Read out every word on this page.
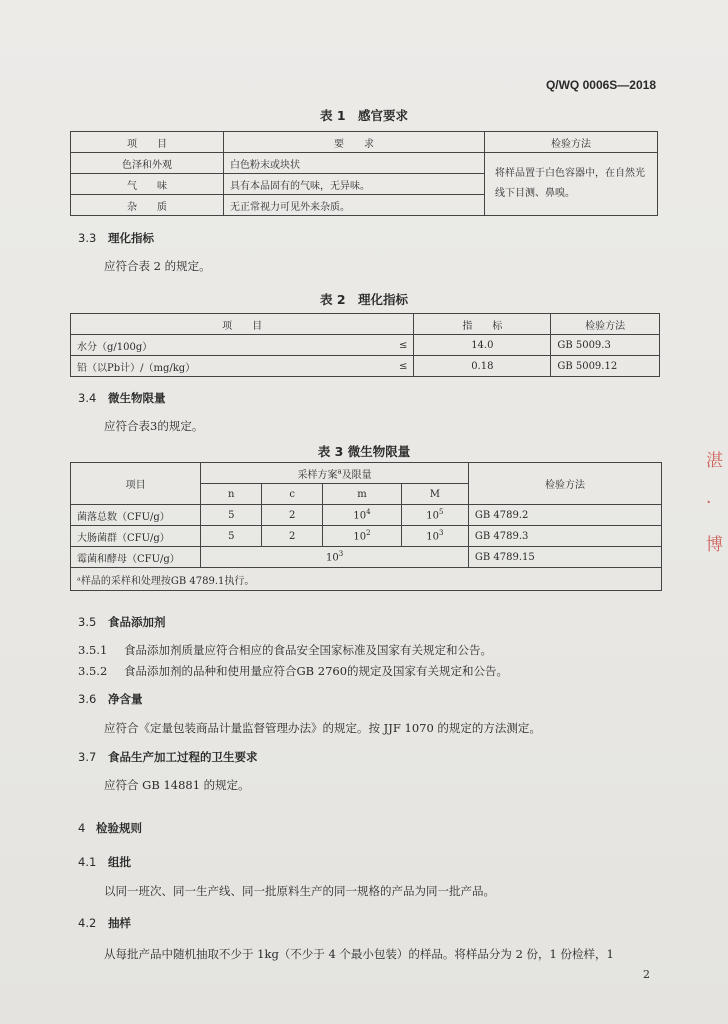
Q/WQ 0006S—2018
表 1　感官要求
项　　目	要　　求	检验方法
色泽和外观	白色粉末或块状	将样品置于白色容器中，在自然光线下目测、鼻嗅。
气　　味	具有本品固有的气味，无异味。	
杂　　质	无正常视力可见外来杂质。	
3.3 理化指标
应符合表 2 的规定。
表 2　理化指标
项　　目		指　　标	检验方法
水分（g/100g）	≤	14.0	GB 5009.3
铅（以Pb计）/（mg/kg）	≤	0.18	GB 5009.12
3.4 微生物限量
应符合表3的规定。
表 3 微生物限量
项目	采样方案$^a$及限量				检验方法
	n	c	m	M	
菌落总数（CFU/g）	5	2	$10^4$	$10^5$	GB 4789.2
大肠菌群（CFU/g）	5	2	$10^2$	$10^3$	GB 4789.3
霉菌和酵母（CFU/g）	$10^3$				GB 4789.15
ᵃ样品的采样和处理按GB 4789.1执行。					
3.5 食品添加剂
3.5.1 食品添加剂质量应符合相应的食品安全国家标准及国家有关规定和公告。
3.5.2 食品添加剂的品种和使用量应符合GB 2760的规定及国家有关规定和公告。
3.6 净含量
应符合《定量包装商品计量监督管理办法》的规定。按 JJF 1070 的规定的方法测定。
3.7 食品生产加工过程的卫生要求
应符合 GB 14881 的规定。
4 检验规则
4.1 组批
以同一班次、同一生产线、同一批原料生产的同一规格的产品为同一批产品。
4.2 抽样
从每批产品中随机抽取不少于 1kg（不少于 4 个最小包装）的样品。将样品分为 2 份，1 份检样，1
2
湛 · 博
